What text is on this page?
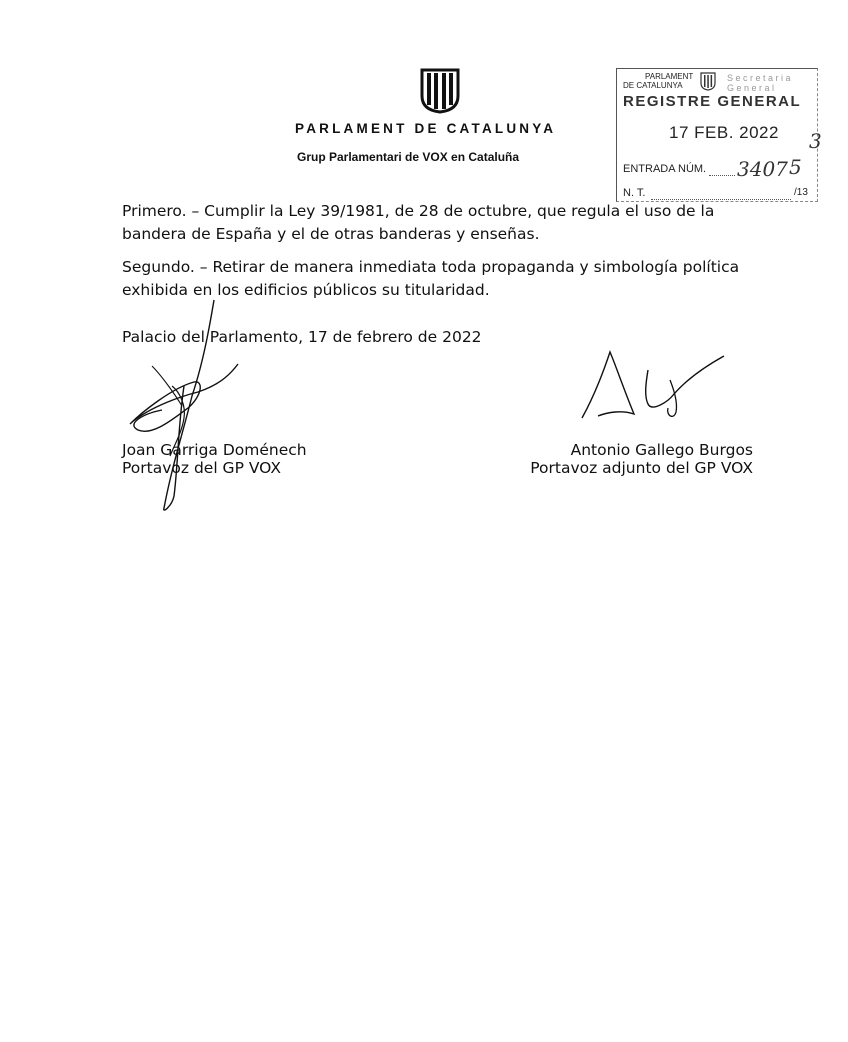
PARLAMENT DE CATALUNYA
Grup Parlamentari de VOX en Cataluña
PARLAMENT
DE CATALUNYA
Secretaria
General
REGISTRE GENERAL
17 FEB. 2022 3
ENTRADA NÚM. 3407 5
N. T.	/13
Primero. – Cumplir la Ley 39/1981, de 28 de octubre, que regula el uso de la
bandera de España y el de otras banderas y enseñas.
Segundo. – Retirar de manera inmediata toda propaganda y simbología política
exhibida en los edificios públicos su titularidad.
Palacio del Parlamento, 17 de febrero de 2022
Joan Garriga Doménech
Portavoz del GP VOX
Antonio Gallego Burgos
Portavoz adjunto del GP VOX
